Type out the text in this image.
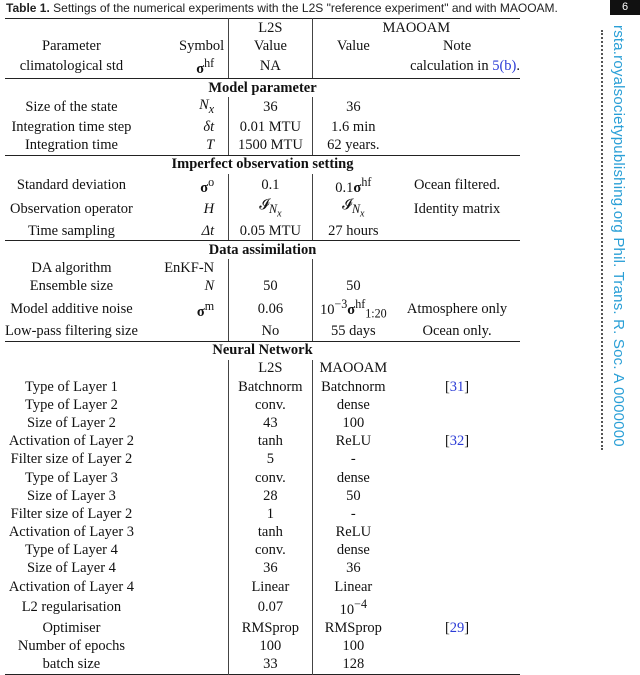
Table 1. Settings of the numerical experiments with the L2S "reference experiment" and with MAOOAM.	6
rsta.royalsocietypublishing.org Phil. Trans. R. Soc. A 0000000
		L2S	MAOOAM	
Parameter	Symbol	Value	Value	Note
climatological std	$\sigma^{hf}$	NA		calculation in 5(b).
Model parameter				
Size of the state	$N_x$	36	36	
Integration time step	δt	0.01 MTU	1.6 min	
Integration time	T	1500 MTU	62 years.	
Imperfect observation setting				
Standard deviation	$\sigma^o$	0.1	$0.1\sigma^{hf}$	Ocean filtered.
Observation operator	H	𝓘$_{N_x}$	𝓘$_{N_x}$	Identity matrix
Time sampling	Δt	0.05 MTU	27 hours	
Data assimilation				
DA algorithm	EnKF-N			
Ensemble size	N	50	50	
Model additive noise	$\sigma^m$	0.06	$10^{-3}\sigma^{hf}_{1:20}$	Atmosphere only
Low-pass filtering size		No	55 days	Ocean only.
Neural Network				
		L2S	MAOOAM	
Type of Layer 1		Batchnorm	Batchnorm	[31]
Type of Layer 2		conv.	dense	
Size of Layer 2		43	100	
Activation of Layer 2		tanh	ReLU	[32]
Filter size of Layer 2		5	-	
Type of Layer 3		conv.	dense	
Size of Layer 3		28	50	
Filter size of Layer 2		1	-	
Activation of Layer 3		tanh	ReLU	
Type of Layer 4		conv.	dense	
Size of Layer 4		36	36	
Activation of Layer 4		Linear	Linear	
L2 regularisation		0.07	$10^{-4}$	
Optimiser		RMSprop	RMSprop	[29]
Number of epochs		100	100	
batch size		33	128	
